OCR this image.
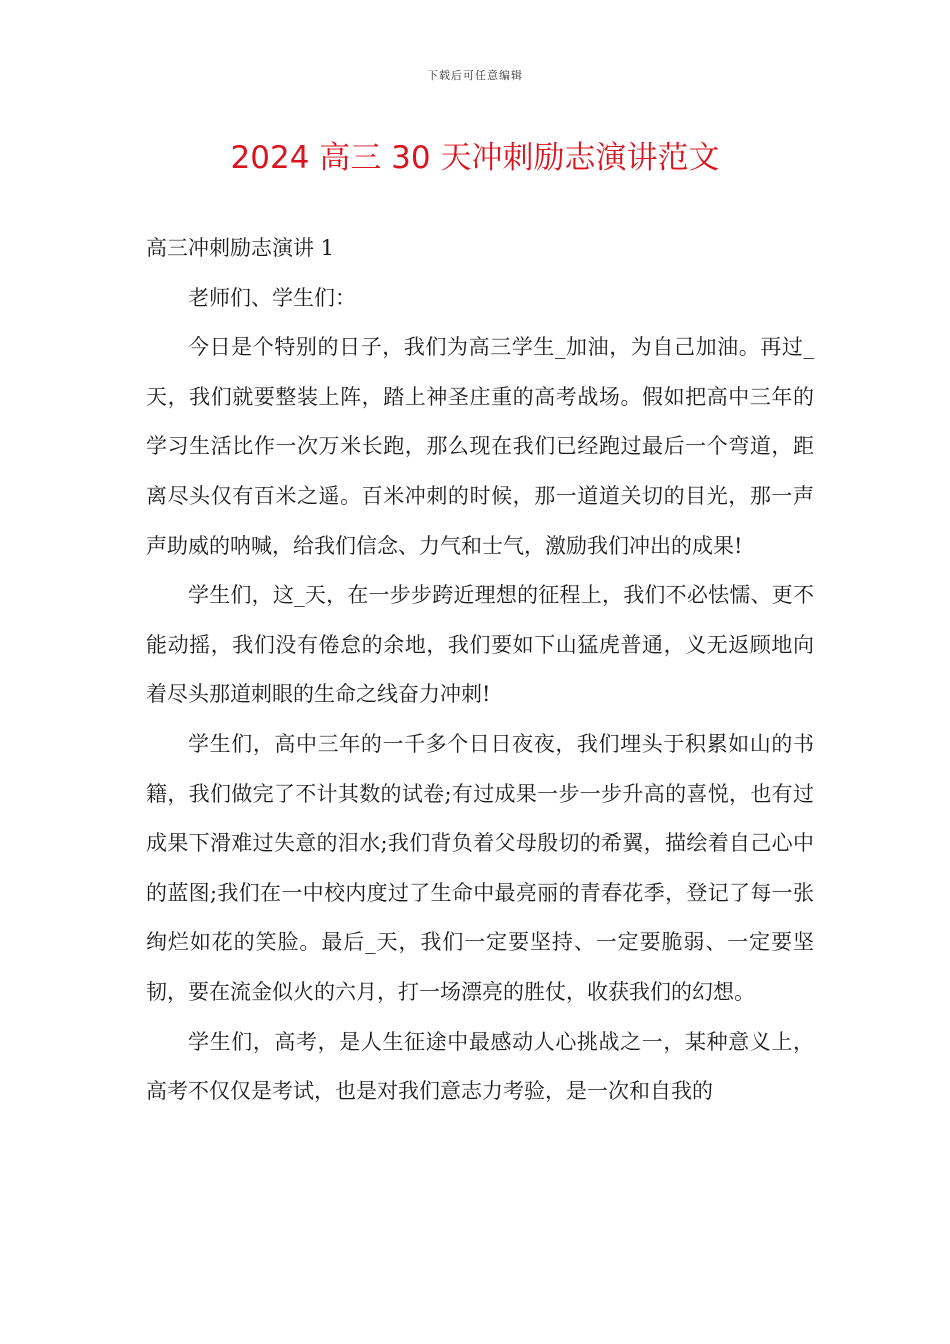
下载后可任意编辑
2024 高三 30 天冲刺励志演讲范文

高三冲刺励志演讲 1

老师们、学生们：

今日是个特别的日子，我们为高三学生_加油，为自己加油。再过_天，我们就要整装上阵，踏上神圣庄重的高考战场。假如把高中三年的学习生活比作一次万米长跑，那么现在我们已经跑过最后一个弯道，距离尽头仅有百米之遥。百米冲刺的时候，那一道道关切的目光，那一声声助威的呐喊，给我们信念、力气和士气，激励我们冲出的成果!

学生们，这_天，在一步步跨近理想的征程上，我们不必怯懦、更不能动摇，我们没有倦怠的余地，我们要如下山猛虎普通，义无返顾地向着尽头那道刺眼的生命之线奋力冲刺!

学生们，高中三年的一千多个日日夜夜，我们埋头于积累如山的书籍，我们做完了不计其数的试卷;有过成果一步一步升高的喜悦，也有过成果下滑难过失意的泪水;我们背负着父母殷切的希翼，描绘着自己心中的蓝图;我们在一中校内度过了生命中最亮丽的青春花季，登记了每一张绚烂如花的笑脸。最后_天，我们一定要坚持、一定要脆弱、一定要坚韧，要在流金似火的六月，打一场漂亮的胜仗，收获我们的幻想。

学生们，高考，是人生征途中最感动人心挑战之一，某种意义上，高考不仅仅是考试，也是对我们意志力考验，是一次和自我的
